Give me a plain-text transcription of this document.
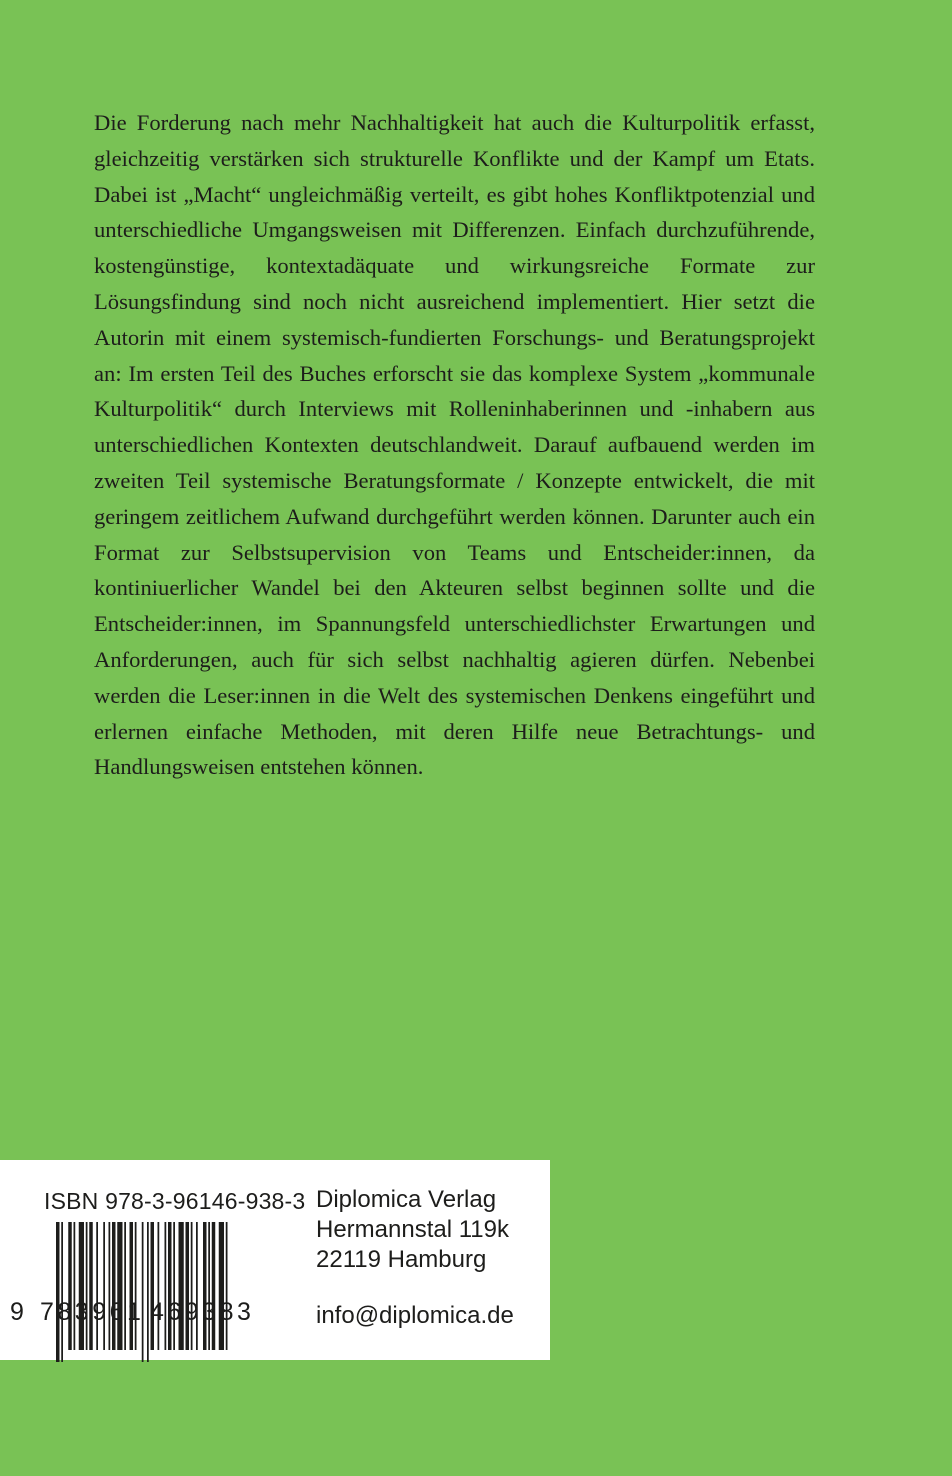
Die Forderung nach mehr Nachhaltigkeit hat auch die Kulturpolitik erfasst, gleichzeitig verstärken sich strukturelle Konflikte und der Kampf um Etats. Dabei ist „Macht“ ungleichmäßig verteilt, es gibt hohes Konfliktpotenzial und unterschiedliche Umgangsweisen mit Differenzen. Einfach durchzuführende, kostengünstige, kontextadäquate und wirkungsreiche Formate zur Lösungsfindung sind noch nicht ausreichend implementiert. Hier setzt die Autorin mit einem systemisch-fundierten Forschungs- und Beratungsprojekt an: Im ersten Teil des Buches erforscht sie das komplexe System „kommunale Kulturpolitik“ durch Interviews mit Rolleninhaberinnen und -inhabern aus unterschiedlichen Kontexten deutschlandweit. Darauf aufbauend werden im zweiten Teil systemische Beratungsformate / Konzepte entwickelt, die mit geringem zeitlichem Aufwand durchgeführt werden können. Darunter auch ein Format zur Selbstsupervision von Teams und Entscheider:innen, da kontiniuerlicher Wandel bei den Akteuren selbst beginnen sollte und die Entscheider:innen, im Spannungsfeld unterschiedlichster Erwartungen und Anforderungen, auch für sich selbst nachhaltig agieren dürfen. Nebenbei werden die Leser:innen in die Welt des systemischen Denkens eingeführt und erlernen einfache Methoden, mit deren Hilfe neue Betrachtungs- und Handlungsweisen entstehen können.

ISBN 978-3-96146-938-3
9 783961 469383
Diplomica Verlag
Hermannstal 119k
22119 Hamburg
info@diplomica.de
